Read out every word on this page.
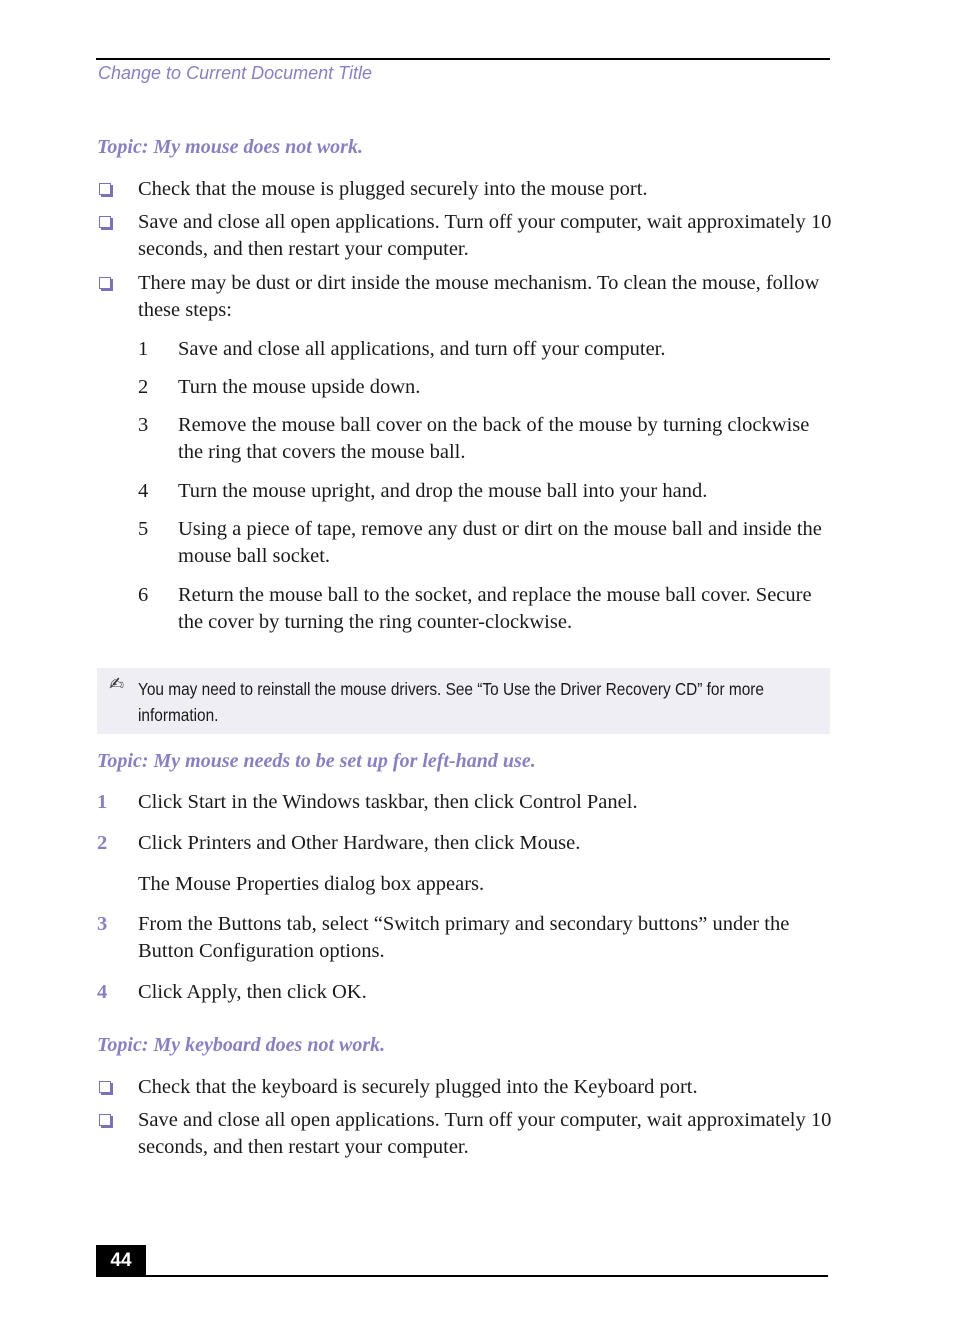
Change to Current Document Title
Topic: My mouse does not work.
Check that the mouse is plugged securely into the mouse port.
Save and close all open applications. Turn off your computer, wait approximately 10 seconds, and then restart your computer.
There may be dust or dirt inside the mouse mechanism. To clean the mouse, follow these steps:
1 Save and close all applications, and turn off your computer.
2 Turn the mouse upside down.
3 Remove the mouse ball cover on the back of the mouse by turning clockwise the ring that covers the mouse ball.
4 Turn the mouse upright, and drop the mouse ball into your hand.
5 Using a piece of tape, remove any dust or dirt on the mouse ball and inside the mouse ball socket.
6 Return the mouse ball to the socket, and replace the mouse ball cover. Secure the cover by turning the ring counter-clockwise.
✍ You may need to reinstall the mouse drivers. See “To Use the Driver Recovery CD” for more information.
Topic: My mouse needs to be set up for left-hand use.
1 Click Start in the Windows taskbar, then click Control Panel.
2 Click Printers and Other Hardware, then click Mouse.
The Mouse Properties dialog box appears.
3 From the Buttons tab, select “Switch primary and secondary buttons” under the Button Configuration options.
4 Click Apply, then click OK.
Topic: My keyboard does not work.
Check that the keyboard is securely plugged into the Keyboard port.
Save and close all open applications. Turn off your computer, wait approximately 10 seconds, and then restart your computer.
44
